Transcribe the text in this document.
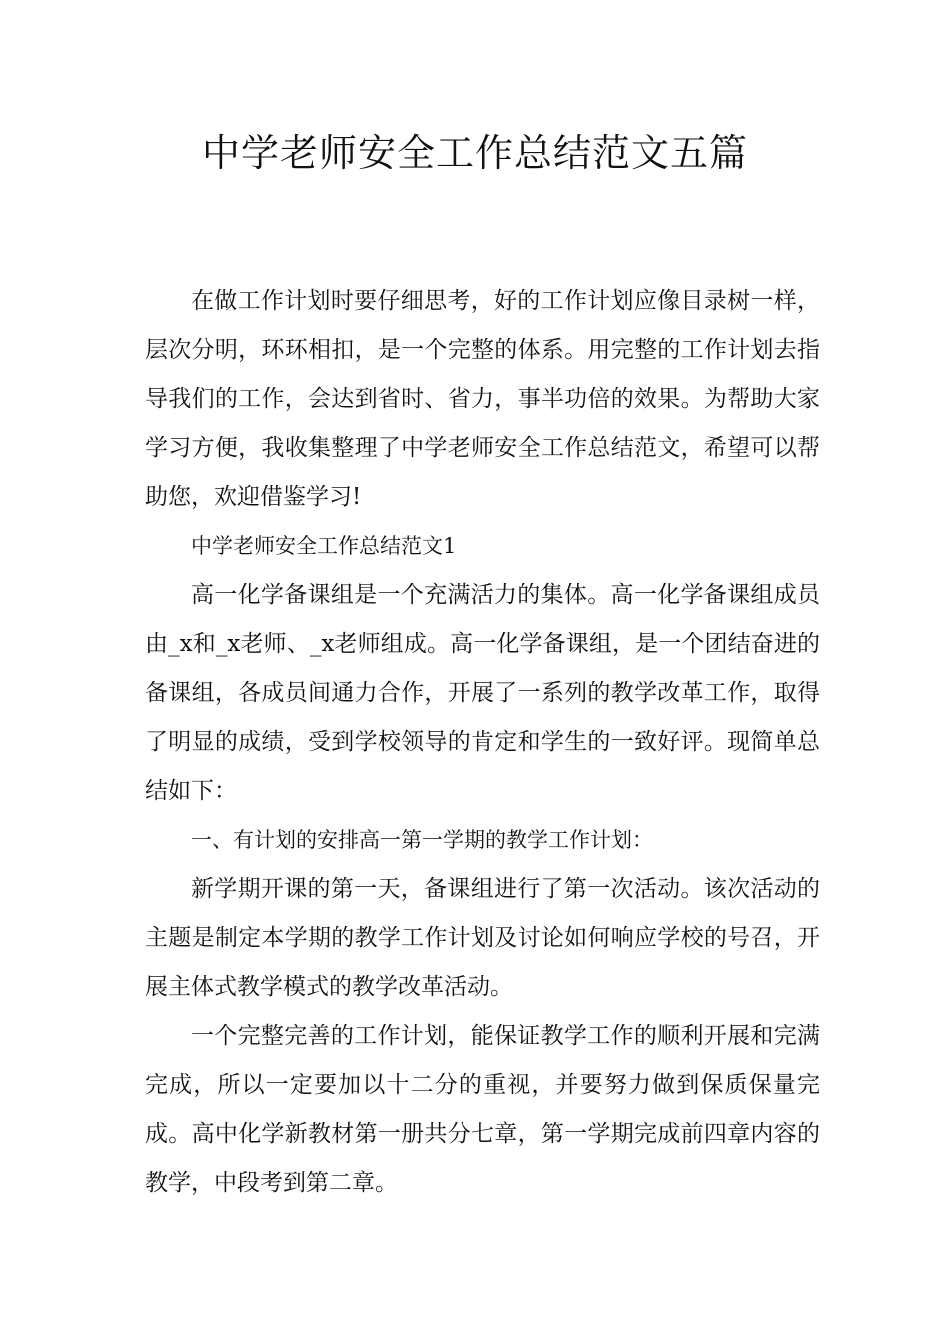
中学老师安全工作总结范文五篇

在做工作计划时要仔细思考，好的工作计划应像目录树一样，层次分明，环环相扣，是一个完整的体系。用完整的工作计划去指导我们的工作，会达到省时、省力，事半功倍的效果。为帮助大家学习方便，我收集整理了中学老师安全工作总结范文，希望可以帮助您，欢迎借鉴学习!

中学老师安全工作总结范文1

高一化学备课组是一个充满活力的集体。高一化学备课组成员由_x和_x老师、_x老师组成。高一化学备课组，是一个团结奋进的备课组，各成员间通力合作，开展了一系列的教学改革工作，取得了明显的成绩，受到学校领导的肯定和学生的一致好评。现简单总结如下：

一、有计划的安排高一第一学期的教学工作计划：

新学期开课的第一天，备课组进行了第一次活动。该次活动的主题是制定本学期的教学工作计划及讨论如何响应学校的号召，开展主体式教学模式的教学改革活动。

一个完整完善的工作计划，能保证教学工作的顺利开展和完满完成，所以一定要加以十二分的重视，并要努力做到保质保量完成。高中化学新教材第一册共分七章，第一学期完成前四章内容的教学，中段考到第二章。
